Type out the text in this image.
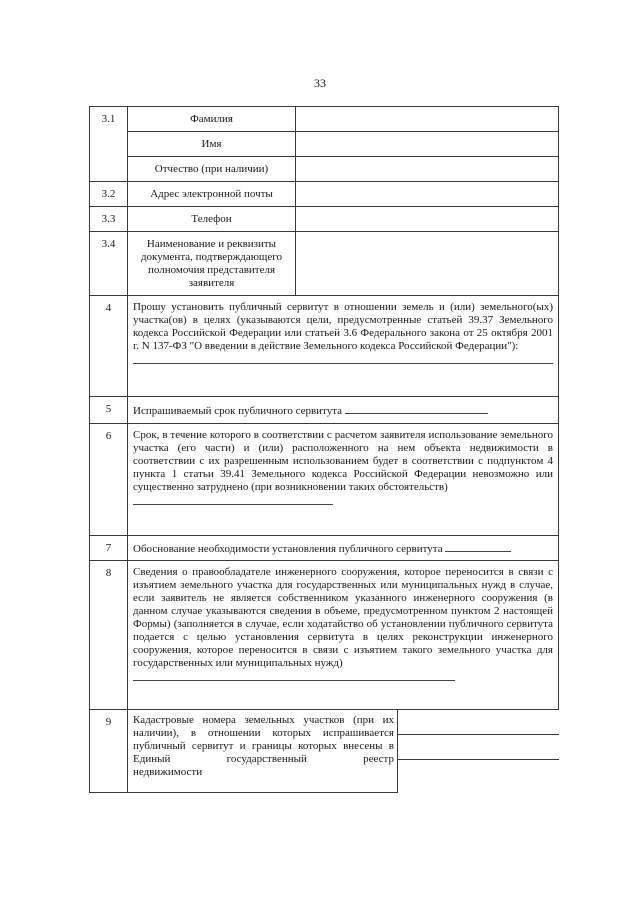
33
3.1	Фамилия	
Имя	
Отчество (при наличии)	
3.2	Адрес электронной почты	
3.3	Телефон	
3.4	Наименование и реквизиты документа, подтверждающего полномочия представителя заявителя	
4	Прошу установить публичный сервитут в отношении земель и (или) земельного(ых) участка(ов) в целях (указываются цели, предусмотренные статьей 39.37 Земельного кодекса Российской Федерации или статьей 3.6 Федерального закона от 25 октября 2001 г. N 137-ФЗ "О введении в действие Земельного кодекса Российской Федерации"):

5	Испрашиваемый срок публичного сервитута
6	Срок, в течение которого в соответствии с расчетом заявителя использование земельного участка (его части) и (или) расположенного на нем объекта недвижимости в соответствии с их разрешенным использованием будет в соответствии с подпунктом 4 пункта 1 статьи 39.41 Земельного кодекса Российской Федерации невозможно или существенно затруднено (при возникновении таких обстоятельств)

7	Обоснование необходимости установления публичного сервитута
8	Сведения о правообладателе инженерного сооружения, которое переносится в связи с изъятием земельного участка для государственных или муниципальных нужд в случае, если заявитель не является собственником указанного инженерного сооружения (в данном случае указываются сведения в объеме, предусмотренном пунктом 2 настоящей Формы) (заполняется в случае, если ходатайство об установлении публичного сервитута подается с целью установления сервитута в целях реконструкции инженерного сооружения, которое переносится в связи с изъятием такого земельного участка для государственных или муниципальных нужд)

9	Кадастровые номера земельных участков (при их наличии), в отношении которых испрашивается публичный сервитут и границы которых внесены в Единый государственный реестр

недвижимости
